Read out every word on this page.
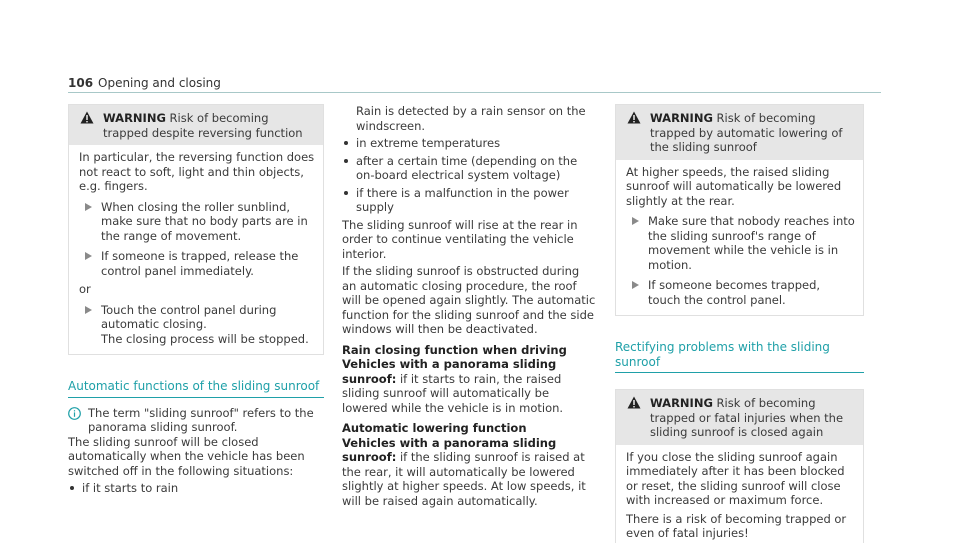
106 Opening and closing
WARNING Risk of becoming trapped despite reversing function

In particular, the reversing function does not react to soft, light and thin objects, e.g. fingers.

When closing the roller sunblind, make sure that no body parts are in the range of movement.
If someone is trapped, release the control panel immediately.

or

Touch the control panel during automatic closing.
The closing process will be stopped.
Automatic functions of the sliding sunroof
The term "sliding sunroof" refers to the panorama sliding sunroof.

The sliding sunroof will be closed automatically when the vehicle has been switched off in the following situations:

if it starts to rain

Rain is detected by a rain sensor on the windscreen.

in extreme temperatures
after a certain time (depending on the on-board electrical system voltage)
if there is a malfunction in the power supply

The sliding sunroof will rise at the rear in order to continue ventilating the vehicle interior.

If the sliding sunroof is obstructed during an automatic closing procedure, the roof will be opened again slightly. The automatic function for the sliding sunroof and the side windows will then be deactivated.

Rain closing function when driving

Vehicles with a panorama sliding sunroof: if it starts to rain, the raised sliding sunroof will automatically be lowered while the vehicle is in motion.

Automatic lowering function

Vehicles with a panorama sliding sunroof: if the sliding sunroof is raised at the rear, it will automatically be lowered slightly at higher speeds. At low speeds, it will be raised again automatically.

WARNING Risk of becoming trapped by automatic lowering of the sliding sunroof

At higher speeds, the raised sliding sunroof will automatically be lowered slightly at the rear.

Make sure that nobody reaches into the sliding sunroof's range of movement while the vehicle is in motion.
If someone becomes trapped, touch the control panel.
Rectifying problems with the sliding sunroof
WARNING Risk of becoming trapped or fatal injuries when the sliding sunroof is closed again

If you close the sliding sunroof again immediately after it has been blocked or reset, the sliding sunroof will close with increased or maximum force.

There is a risk of becoming trapped or even of fatal injuries!
